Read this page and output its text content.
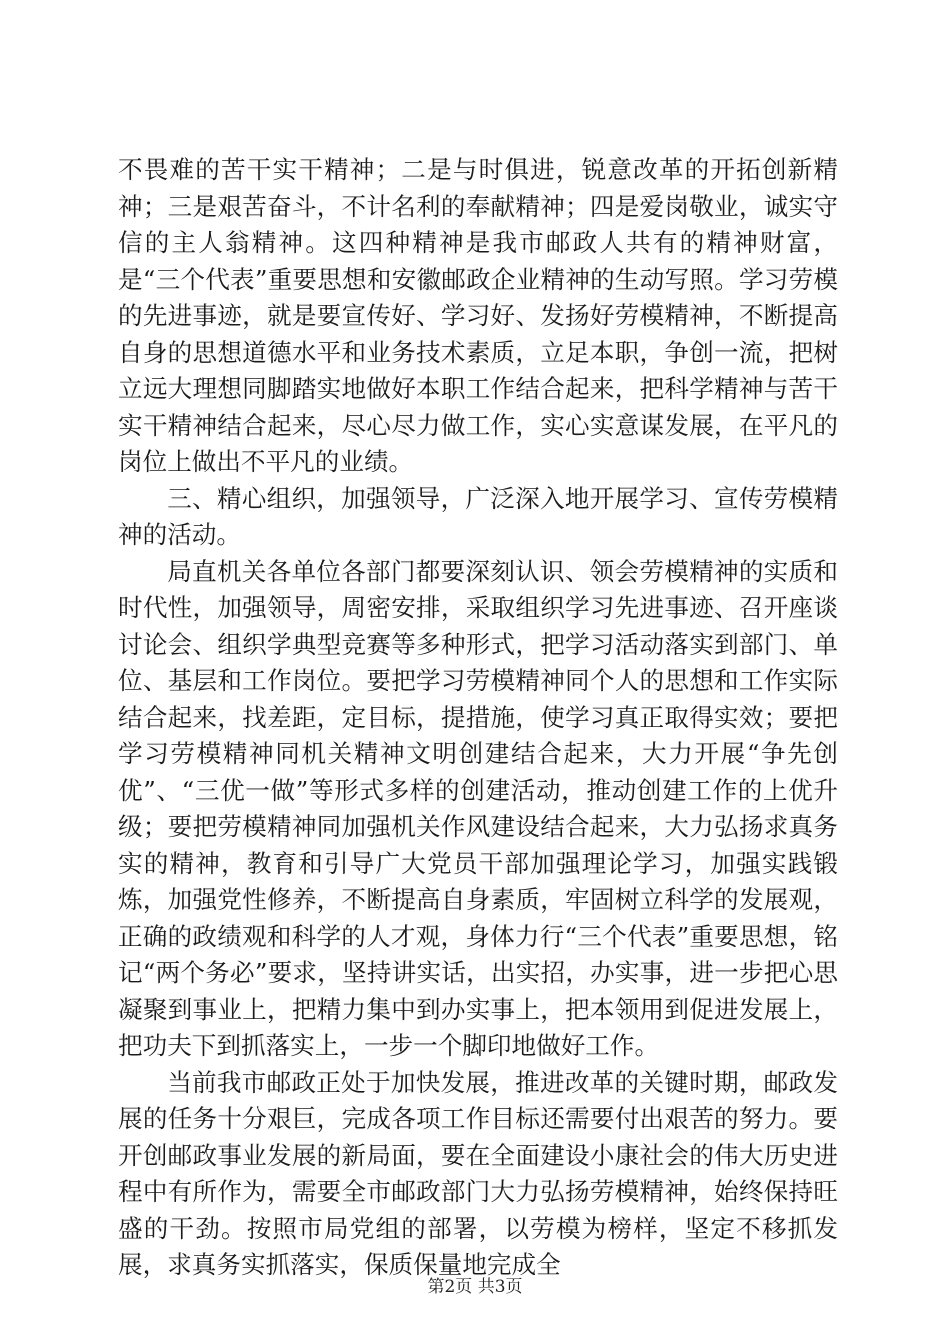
不畏难的苦干实干精神；二是与时俱进，锐意改革的开拓创新精神；三是艰苦奋斗，不计名利的奉献精神；四是爱岗敬业，诚实守信的主人翁精神。这四种精神是我市邮政人共有的精神财富，是“三个代表”重要思想和安徽邮政企业精神的生动写照。学习劳模的先进事迹，就是要宣传好、学习好、发扬好劳模精神，不断提高自身的思想道德水平和业务技术素质，立足本职，争创一流，把树立远大理想同脚踏实地做好本职工作结合起来，把科学精神与苦干实干精神结合起来，尽心尽力做工作，实心实意谋发展，在平凡的岗位上做出不平凡的业绩。

三、精心组织，加强领导，广泛深入地开展学习、宣传劳模精神的活动。

局直机关各单位各部门都要深刻认识、领会劳模精神的实质和时代性，加强领导，周密安排，采取组织学习先进事迹、召开座谈讨论会、组织学典型竞赛等多种形式，把学习活动落实到部门、单位、基层和工作岗位。要把学习劳模精神同个人的思想和工作实际结合起来，找差距，定目标，提措施，使学习真正取得实效；要把学习劳模精神同机关精神文明创建结合起来，大力开展“争先创优”、“三优一做”等形式多样的创建活动，推动创建工作的上优升级；要把劳模精神同加强机关作风建设结合起来，大力弘扬求真务实的精神，教育和引导广大党员干部加强理论学习，加强实践锻炼，加强党性修养，不断提高自身素质，牢固树立科学的发展观，正确的政绩观和科学的人才观，身体力行“三个代表”重要思想，铭记“两个务必”要求，坚持讲实话，出实招，办实事，进一步把心思凝聚到事业上，把精力集中到办实事上，把本领用到促进发展上，把功夫下到抓落实上，一步一个脚印地做好工作。

当前我市邮政正处于加快发展，推进改革的关键时期，邮政发展的任务十分艰巨，完成各项工作目标还需要付出艰苦的努力。要开创邮政事业发展的新局面，要在全面建设小康社会的伟大历史进程中有所作为，需要全市邮政部门大力弘扬劳模精神，始终保持旺盛的干劲。按照市局党组的部署，以劳模为榜样，坚定不移抓发展，求真务实抓落实，保质保量地完成全

第2页 共3页
